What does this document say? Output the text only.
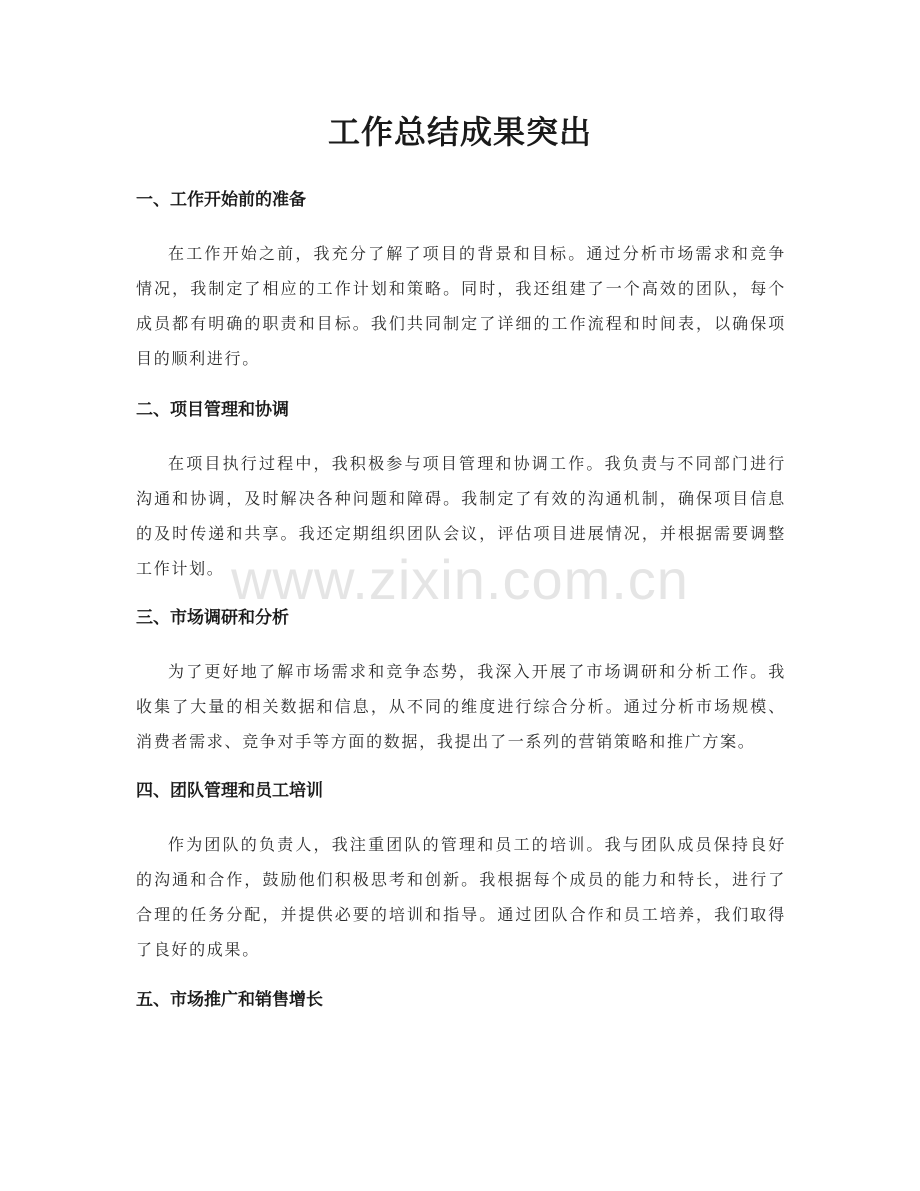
工作总结成果突出
一、工作开始前的准备

在工作开始之前，我充分了解了项目的背景和目标。通过分析市场需求和竞争情况，我制定了相应的工作计划和策略。同时，我还组建了一个高效的团队，每个成员都有明确的职责和目标。我们共同制定了详细的工作流程和时间表，以确保项目的顺利进行。

二、项目管理和协调

在项目执行过程中，我积极参与项目管理和协调工作。我负责与不同部门进行沟通和协调，及时解决各种问题和障碍。我制定了有效的沟通机制，确保项目信息的及时传递和共享。我还定期组织团队会议，评估项目进展情况，并根据需要调整工作计划。

三、市场调研和分析

为了更好地了解市场需求和竞争态势，我深入开展了市场调研和分析工作。我收集了大量的相关数据和信息，从不同的维度进行综合分析。通过分析市场规模、消费者需求、竞争对手等方面的数据，我提出了一系列的营销策略和推广方案。

四、团队管理和员工培训

作为团队的负责人，我注重团队的管理和员工的培训。我与团队成员保持良好的沟通和合作，鼓励他们积极思考和创新。我根据每个成员的能力和特长，进行了合理的任务分配，并提供必要的培训和指导。通过团队合作和员工培养，我们取得了良好的成果。

五、市场推广和销售增长
www.zixin.com.cn
